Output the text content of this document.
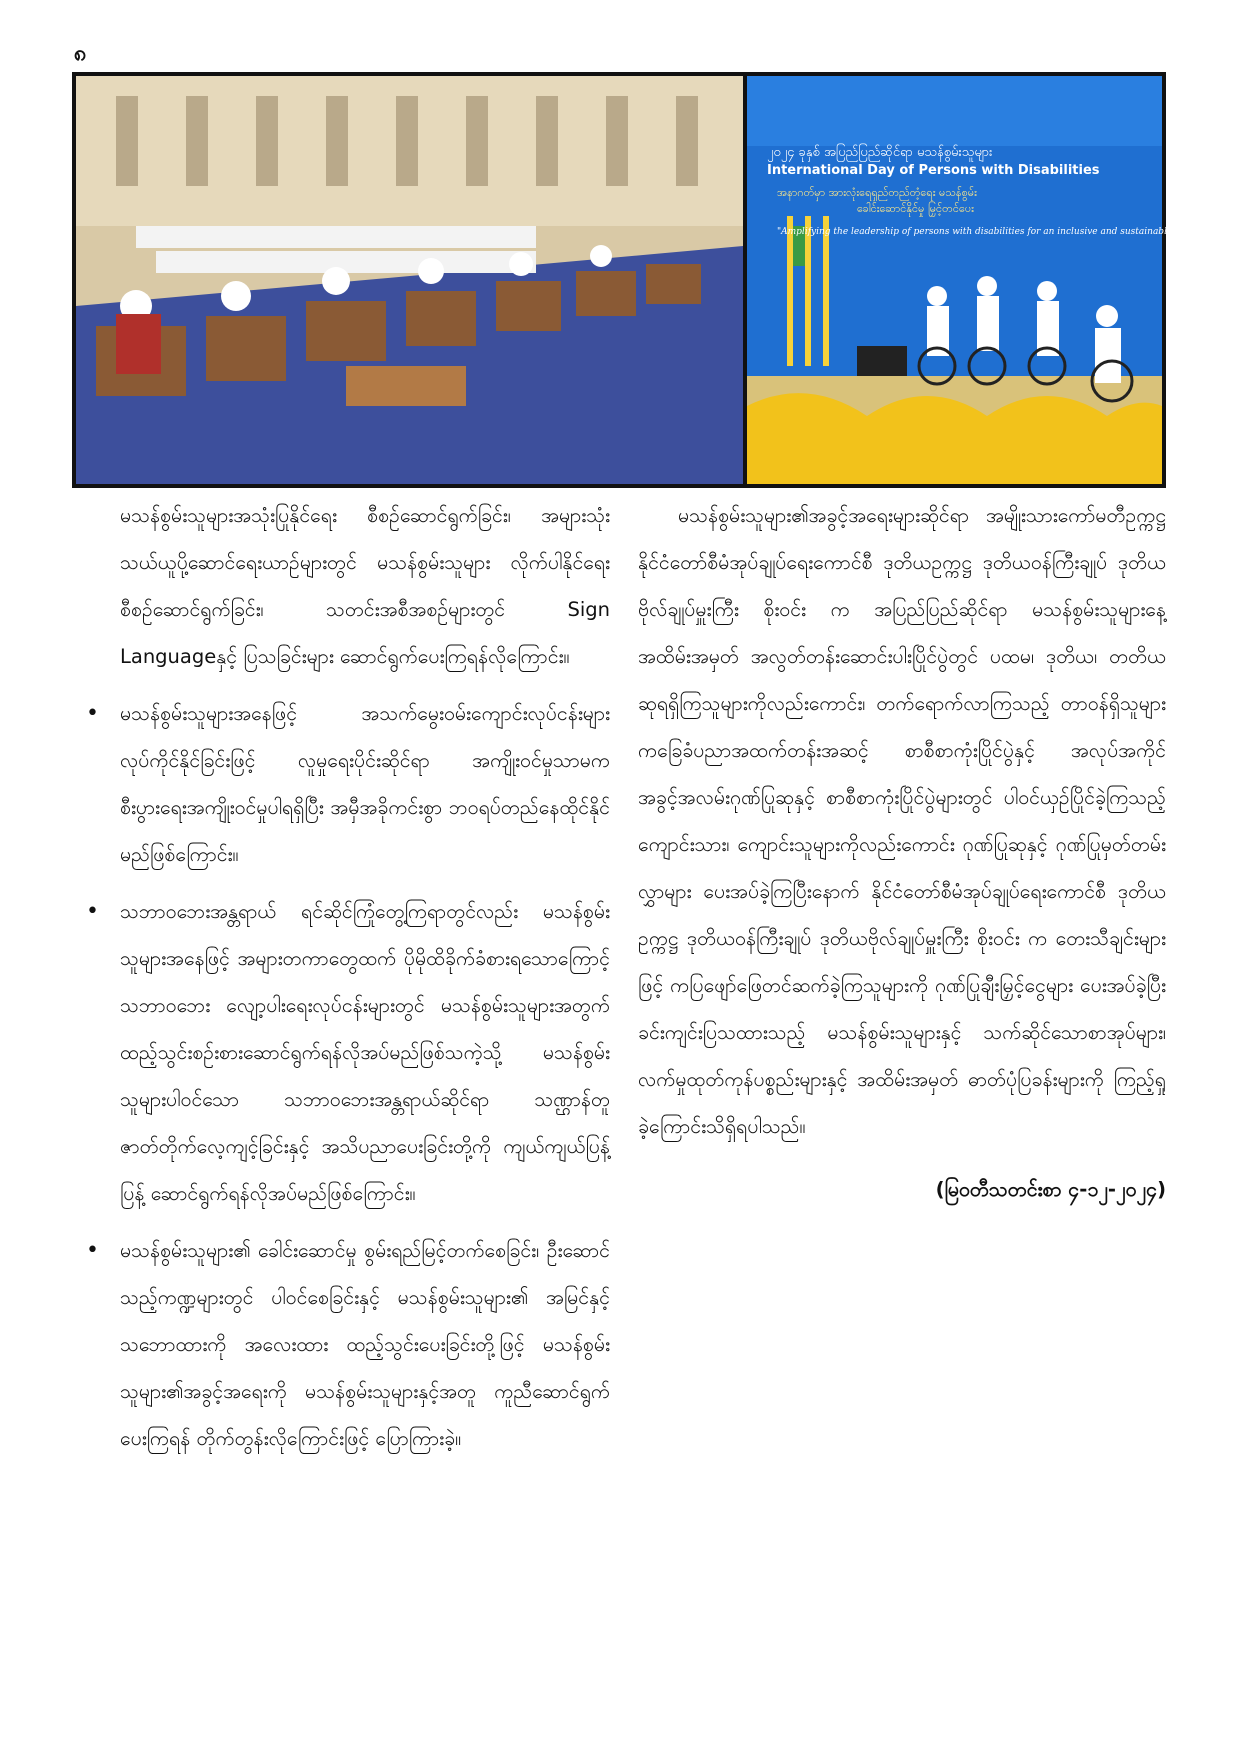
၈
၂၀၂၄ ခုနှစ် အပြည်ပြည်ဆိုင်ရာ မသန်စွမ်းသူများ
International Day of Persons with Disabilities
အနာဂတ်မှာ အားလုံးရေရှည်တည်တံ့ရေး မသန်စွမ်း
ခေါင်းဆောင်နိုင်မှု မြှင့်တင်ပေး
"Amplifying the leadership of persons with disabilities for an inclusive and sustainable future"

မသန်စွမ်းသူများအသုံးပြုနိုင်ရေး စီစဉ်ဆောင်ရွက်ခြင်း၊ အများသုံး သယ်ယူပို့ဆောင်ရေးယာဉ်များတွင် မသန်စွမ်းသူများ လိုက်ပါနိုင်ရေး စီစဉ်ဆောင်ရွက်ခြင်း၊ သတင်းအစီအစဉ်များတွင် Sign Languageနှင့် ပြသခြင်းများ ဆောင်ရွက်ပေးကြရန်လိုကြောင်း။

• မသန်စွမ်းသူများအနေဖြင့် အသက်မွေးဝမ်းကျောင်းလုပ်ငန်းများ လုပ်ကိုင်နိုင်ခြင်းဖြင့် လူမှုရေးပိုင်းဆိုင်ရာ အကျိုးဝင်မှုသာမက စီးပွားရေးအကျိုးဝင်မှုပါရရှိပြီး အမှီအခိုကင်းစွာ ဘဝရပ်တည်နေထိုင်နိုင်မည်ဖြစ်ကြောင်း။
• သဘာဝဘေးအန္တရာယ် ရင်ဆိုင်ကြုံတွေ့ကြရာတွင်လည်း မသန်စွမ်းသူများအနေဖြင့် အများတကာတွေထက် ပိုမိုထိခိုက်ခံစားရသောကြောင့် သဘာဝဘေး လျော့ပါးရေးလုပ်ငန်းများတွင် မသန်စွမ်းသူများအတွက် ထည့်သွင်းစဉ်းစားဆောင်ရွက်ရန်လိုအပ်မည်ဖြစ်သကဲ့သို့ မသန်စွမ်းသူများပါဝင်သော သဘာဝဘေးအန္တရာယ်ဆိုင်ရာ သဏ္ဌာန်တူ ဇာတ်တိုက်လေ့ကျင့်ခြင်းနှင့် အသိပညာပေးခြင်းတို့ကို ကျယ်ကျယ်ပြန့်ပြန့် ဆောင်ရွက်ရန်လိုအပ်မည်ဖြစ်ကြောင်း။
• မသန်စွမ်းသူများ၏ ခေါင်းဆောင်မှု စွမ်းရည်မြင့်တက်စေခြင်း၊ ဦးဆောင်သည့်ကဏ္ဍများတွင် ပါဝင်စေခြင်းနှင့် မသန်စွမ်းသူများ၏ အမြင်နှင့်သဘောထားကို အလေးထား ထည့်သွင်းပေးခြင်းတို့ဖြင့် မသန်စွမ်းသူများ၏အခွင့်အရေးကို မသန်စွမ်းသူများနှင့်အတူ ကူညီဆောင်ရွက်ပေးကြရန် တိုက်တွန်းလိုကြောင်းဖြင့် ပြောကြားခဲ့။

မသန်စွမ်းသူများ၏အခွင့်အရေးများဆိုင်ရာ အမျိုးသားကော်မတီဥက္ကဋ္ဌ နိုင်ငံတော်စီမံအုပ်ချုပ်ရေးကောင်စီ ဒုတိယဥက္ကဋ္ဌ ဒုတိယဝန်ကြီးချုပ် ဒုတိယဗိုလ်ချုပ်မှူးကြီး စိုးဝင်း က အပြည်ပြည်ဆိုင်ရာ မသန်စွမ်းသူများနေ့ အထိမ်းအမှတ် အလွတ်တန်းဆောင်းပါးပြိုင်ပွဲတွင် ပထမ၊ ဒုတိယ၊ တတိယ ဆုရရှိကြသူများကိုလည်းကောင်း၊ တက်ရောက်လာကြသည့် တာဝန်ရှိသူများကခြေခံပညာအထက်တန်းအဆင့် စာစီစာကုံးပြိုင်ပွဲနှင့် အလုပ်အကိုင်အခွင့်အလမ်းဂုဏ်ပြုဆုနှင့် စာစီစာကုံးပြိုင်ပွဲများတွင် ပါဝင်ယှဉ်ပြိုင်ခဲ့ကြသည့် ကျောင်းသား၊ ကျောင်းသူများကိုလည်းကောင်း ဂုဏ်ပြုဆုနှင့် ဂုဏ်ပြုမှတ်တမ်းလွှာများ ပေးအပ်ခဲ့ကြပြီးနောက် နိုင်ငံတော်စီမံအုပ်ချုပ်ရေးကောင်စီ ဒုတိယဥက္ကဋ္ဌ ဒုတိယဝန်ကြီးချုပ် ဒုတိယဗိုလ်ချုပ်မှူးကြီး စိုးဝင်း က တေးသီချင်းများဖြင့် ကပြဖျော်ဖြေတင်ဆက်ခဲ့ကြသူများကို ဂုဏ်ပြုချီးမြှင့်ငွေများ ပေးအပ်ခဲ့ပြီး ခင်းကျင်းပြသထားသည့် မသန်စွမ်းသူများနှင့် သက်ဆိုင်သောစာအုပ်များ၊ လက်မှုထုတ်ကုန်ပစ္စည်းများနှင့် အထိမ်းအမှတ် ဓာတ်ပုံပြခန်းများကို ကြည့်ရှုခဲ့ကြောင်းသိရှိရပါသည်။

(မြဝတီသတင်းစာ ၄-၁၂-၂၀၂၄)
